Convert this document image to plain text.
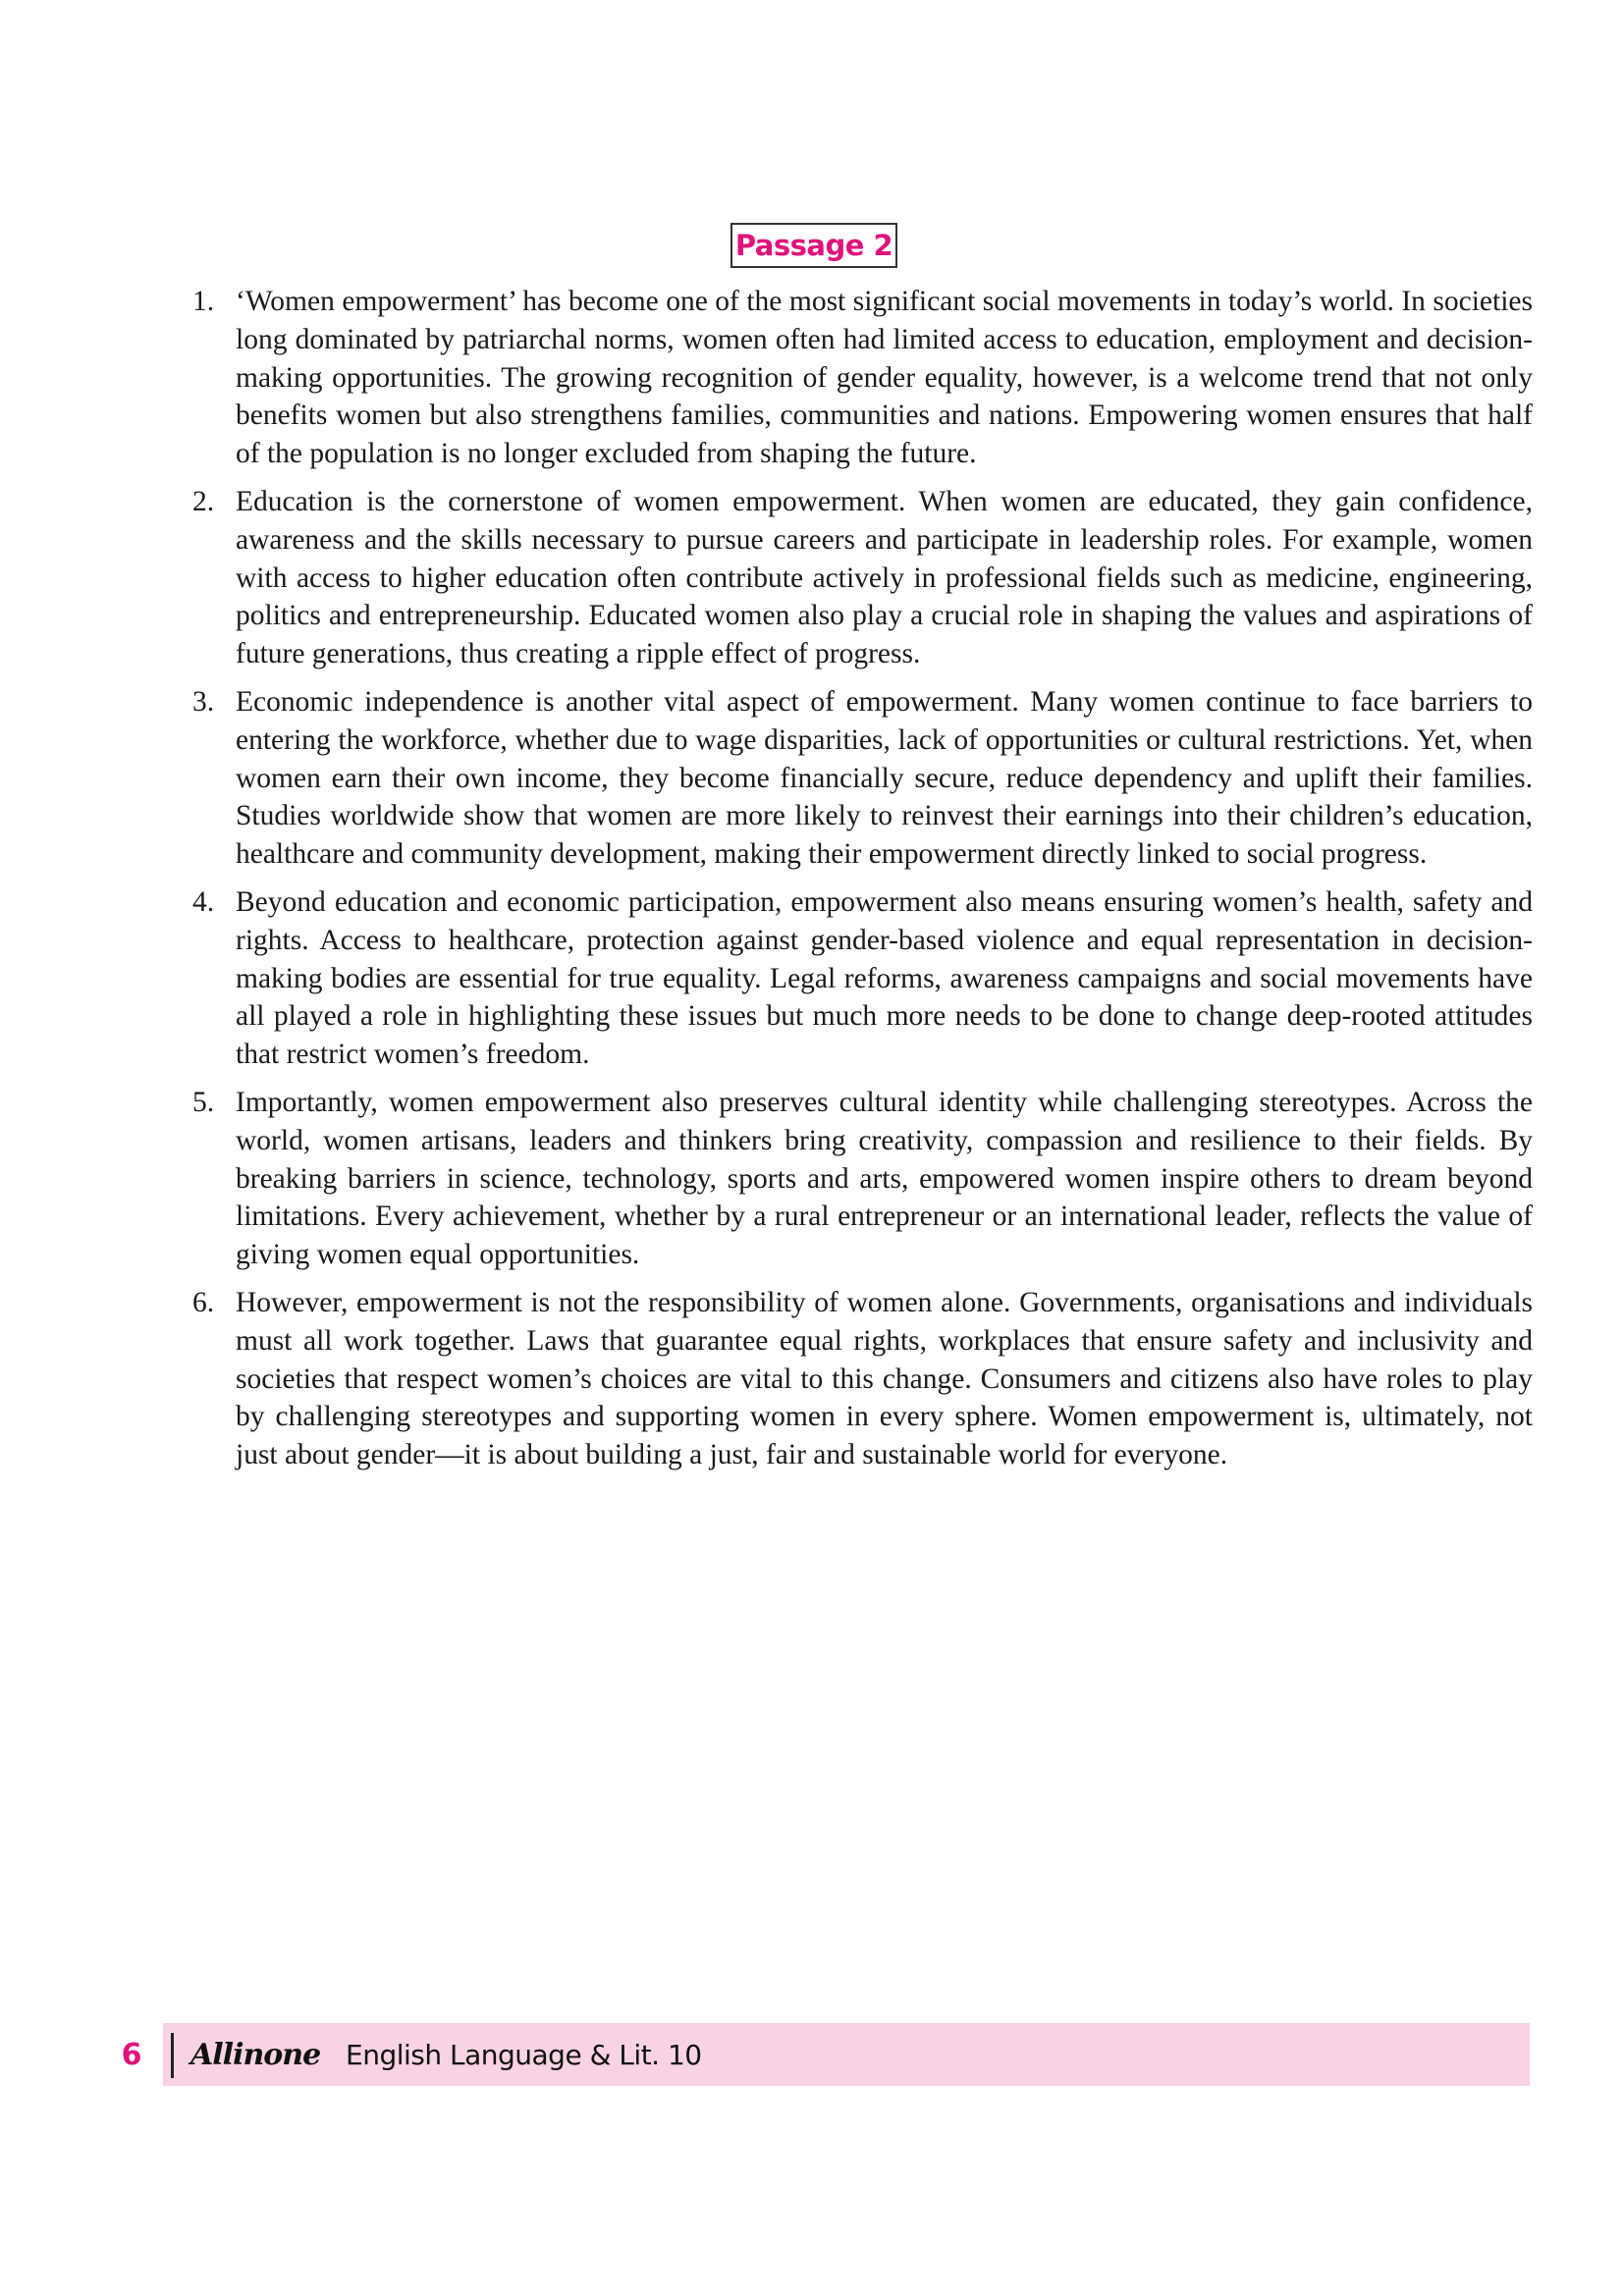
Passage 2
1. ‘Women empowerment’ has become one of the most significant social movements in today’s world. In societies long dominated by patriarchal norms, women often had limited access to education, employment and decision-making opportunities. The growing recognition of gender equality, however, is a welcome trend that not only benefits women but also strengthens families, communities and nations. Empowering women ensures that half of the population is no longer excluded from shaping the future.
2. Education is the cornerstone of women empowerment. When women are educated, they gain confidence, awareness and the skills necessary to pursue careers and participate in leadership roles. For example, women with access to higher education often contribute actively in professional fields such as medicine, engineering, politics and entrepreneurship. Educated women also play a crucial role in shaping the values and aspirations of future generations, thus creating a ripple effect of progress.
3. Economic independence is another vital aspect of empowerment. Many women continue to face barriers to entering the workforce, whether due to wage disparities, lack of opportunities or cultural restrictions. Yet, when women earn their own income, they become financially secure, reduce dependency and uplift their families. Studies worldwide show that women are more likely to reinvest their earnings into their children’s education, healthcare and community development, making their empowerment directly linked to social progress.
4. Beyond education and economic participation, empowerment also means ensuring women’s health, safety and rights. Access to healthcare, protection against gender-based violence and equal representation in decision-making bodies are essential for true equality. Legal reforms, awareness campaigns and social movements have all played a role in highlighting these issues but much more needs to be done to change deep-rooted attitudes that restrict women’s freedom.
5. Importantly, women empowerment also preserves cultural identity while challenging stereotypes. Across the world, women artisans, leaders and thinkers bring creativity, compassion and resilience to their fields. By breaking barriers in science, technology, sports and arts, empowered women inspire others to dream beyond limitations. Every achievement, whether by a rural entrepreneur or an international leader, reflects the value of giving women equal opportunities.
6. However, empowerment is not the responsibility of women alone. Governments, organisations and individuals must all work together. Laws that guarantee equal rights, workplaces that ensure safety and inclusivity and societies that respect women’s choices are vital to this change. Consumers and citizens also have roles to play by challenging stereotypes and supporting women in every sphere. Women empowerment is, ultimately, not just about gender—it is about building a just, fair and sustainable world for everyone.
6	Allinone English Language & Lit. 10
